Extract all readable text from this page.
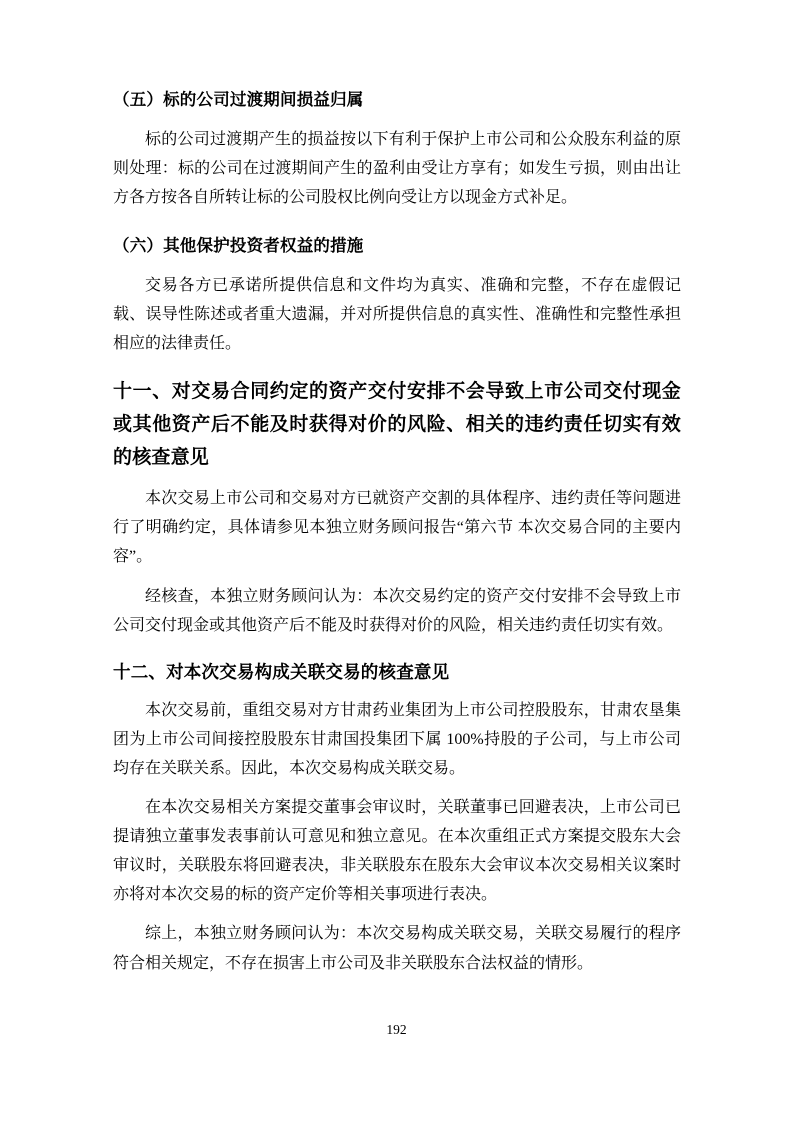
（五）标的公司过渡期间损益归属

标的公司过渡期产生的损益按以下有利于保护上市公司和公众股东利益的原则处理：标的公司在过渡期间产生的盈利由受让方享有；如发生亏损，则由出让方各方按各自所转让标的公司股权比例向受让方以现金方式补足。

（六）其他保护投资者权益的措施

交易各方已承诺所提供信息和文件均为真实、准确和完整，不存在虚假记载、误导性陈述或者重大遗漏，并对所提供信息的真实性、准确性和完整性承担相应的法律责任。

十一、对交易合同约定的资产交付安排不会导致上市公司交付现金或其他资产后不能及时获得对价的风险、相关的违约责任切实有效的核查意见

本次交易上市公司和交易对方已就资产交割的具体程序、违约责任等问题进行了明确约定，具体请参见本独立财务顾问报告“第六节 本次交易合同的主要内容”。

经核查，本独立财务顾问认为：本次交易约定的资产交付安排不会导致上市公司交付现金或其他资产后不能及时获得对价的风险，相关违约责任切实有效。

十二、对本次交易构成关联交易的核查意见

本次交易前，重组交易对方甘肃药业集团为上市公司控股股东，甘肃农垦集团为上市公司间接控股股东甘肃国投集团下属 100%持股的子公司，与上市公司均存在关联关系。因此，本次交易构成关联交易。

在本次交易相关方案提交董事会审议时，关联董事已回避表决，上市公司已提请独立董事发表事前认可意见和独立意见。在本次重组正式方案提交股东大会审议时，关联股东将回避表决，非关联股东在股东大会审议本次交易相关议案时亦将对本次交易的标的资产定价等相关事项进行表决。

综上，本独立财务顾问认为：本次交易构成关联交易，关联交易履行的程序符合相关规定，不存在损害上市公司及非关联股东合法权益的情形。

192
